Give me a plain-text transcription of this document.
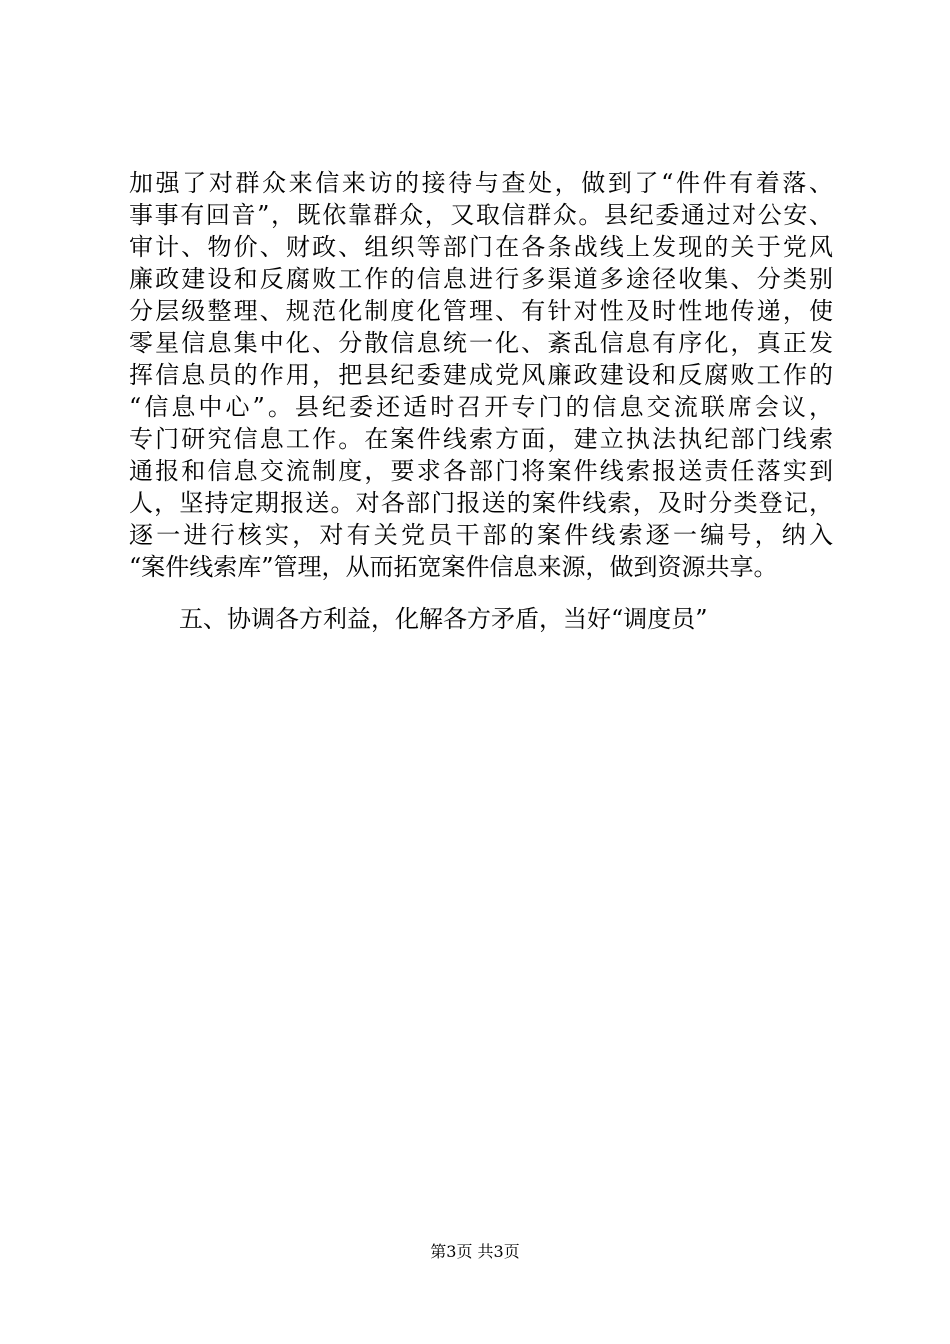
加强了对群众来信来访的接待与查处，做到了“件件有着落、
事事有回音”，既依靠群众，又取信群众。县纪委通过对公安、
审计、物价、财政、组织等部门在各条战线上发现的关于党风
廉政建设和反腐败工作的信息进行多渠道多途径收集、分类别
分层级整理、规范化制度化管理、有针对性及时性地传递，使
零星信息集中化、分散信息统一化、紊乱信息有序化，真正发
挥信息员的作用，把县纪委建成党风廉政建设和反腐败工作的
“信息中心”。县纪委还适时召开专门的信息交流联席会议，
专门研究信息工作。在案件线索方面，建立执法执纪部门线索
通报和信息交流制度，要求各部门将案件线索报送责任落实到
人，坚持定期报送。对各部门报送的案件线索，及时分类登记，
逐一进行核实，对有关党员干部的案件线索逐一编号，纳入
“案件线索库”管理，从而拓宽案件信息来源，做到资源共享。
五、协调各方利益，化解各方矛盾，当好“调度员”
第3页 共3页
